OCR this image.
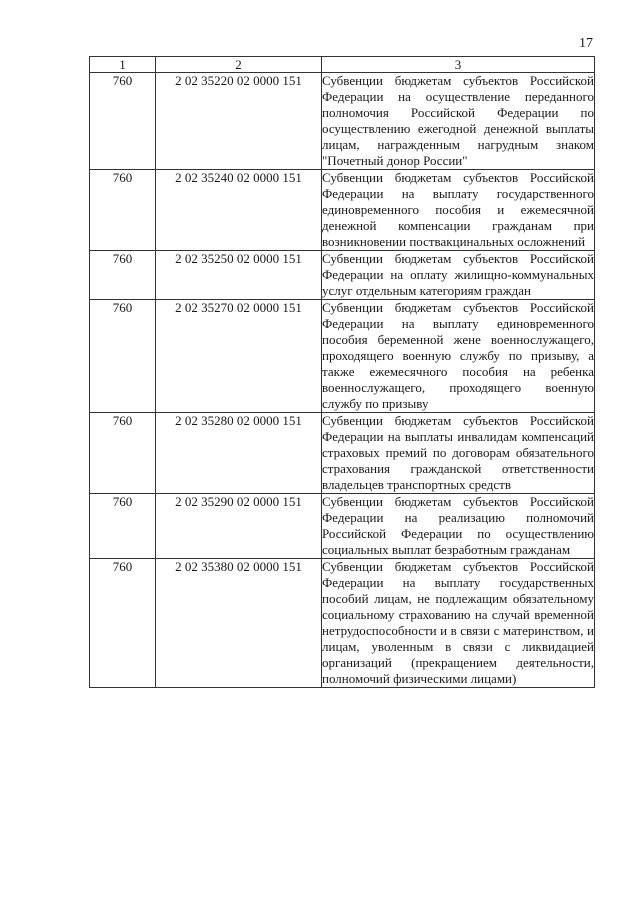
17
1	2	3
760	2 02 35220 02 0000 151	Субвенции бюджетам субъектов Российской Федерации на осуществление переданного полномочия Российской Федерации по осуществлению ежегодной денежной выплаты лицам, награжденным нагрудным знаком "Почетный донор России"
760	2 02 35240 02 0000 151	Субвенции бюджетам субъектов Российской Федерации на выплату государственного единовременного пособия и ежемесячной денежной компенсации гражданам при возникновении поствакцинальных осложнений
760	2 02 35250 02 0000 151	Субвенции бюджетам субъектов Российской Федерации на оплату жилищно-коммунальных услуг отдельным категориям граждан
760	2 02 35270 02 0000 151	Субвенции бюджетам субъектов Российской Федерации на выплату единовременного пособия беременной жене военнослужащего, проходящего военную службу по призыву, а также ежемесячного пособия на ребенка военнослужащего, проходящего военную службу по призыву
760	2 02 35280 02 0000 151	Субвенции бюджетам субъектов Российской Федерации на выплаты инвалидам компенсаций страховых премий по договорам обязательного страхования гражданской ответственности владельцев транспортных средств
760	2 02 35290 02 0000 151	Субвенции бюджетам субъектов Российской Федерации на реализацию полномочий Российской Федерации по осуществлению социальных выплат безработным гражданам
760	2 02 35380 02 0000 151	Субвенции бюджетам субъектов Российской Федерации на выплату государственных пособий лицам, не подлежащим обязательному социальному страхованию на случай временной нетрудоспособности и в связи с материнством, и лицам, уволенным в связи с ликвидацией организаций (прекращением деятельности, полномочий физическими лицами)
